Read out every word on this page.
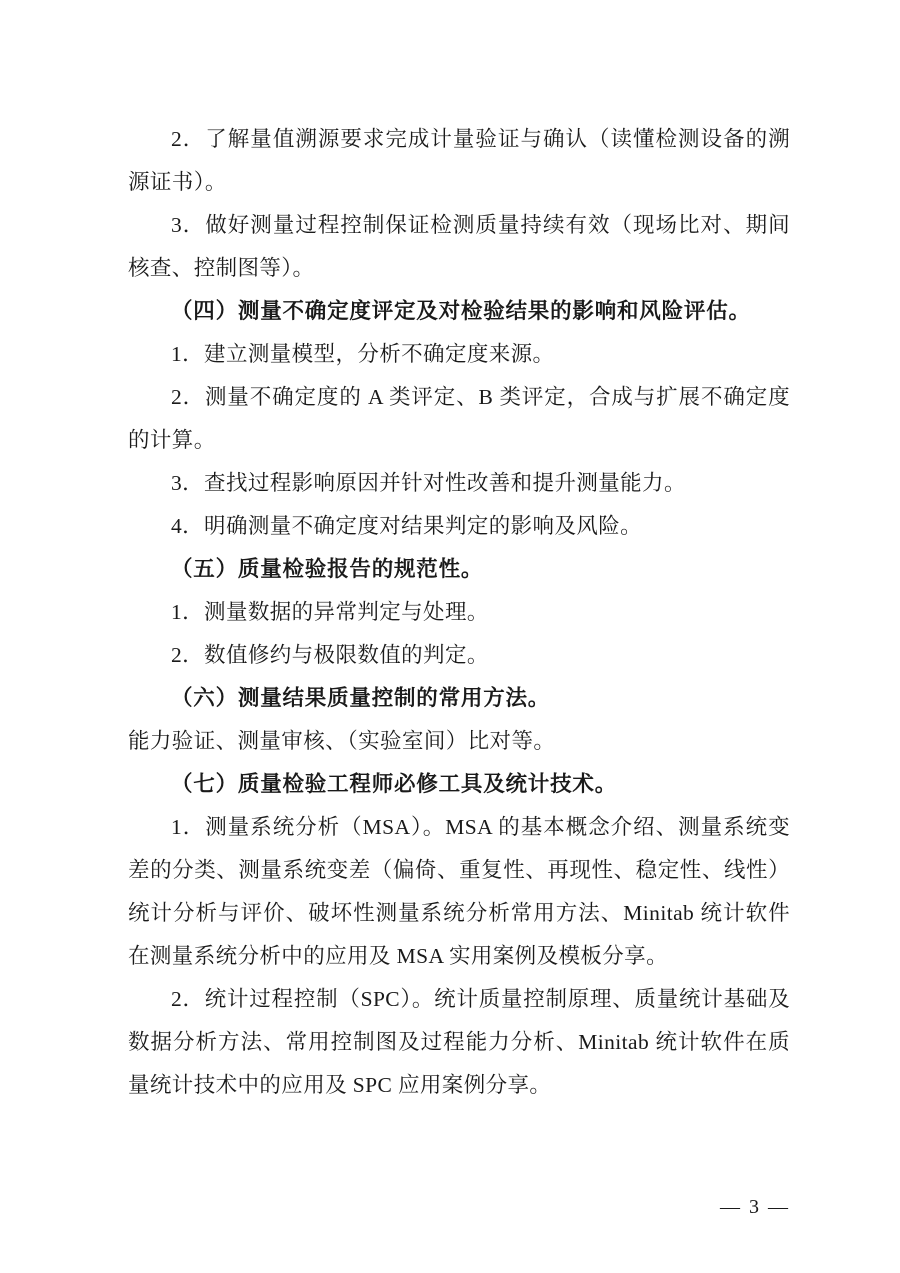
2．了解量值溯源要求完成计量验证与确认（读懂检测设备的溯源证书）。

3．做好测量过程控制保证检测质量持续有效（现场比对、期间核查、控制图等）。

（四）测量不确定度评定及对检验结果的影响和风险评估。

1．建立测量模型，分析不确定度来源。

2．测量不确定度的 A 类评定、B 类评定，合成与扩展不确定度的计算。

3．查找过程影响原因并针对性改善和提升测量能力。

4．明确测量不确定度对结果判定的影响及风险。

（五）质量检验报告的规范性。

1．测量数据的异常判定与处理。

2．数值修约与极限数值的判定。

（六）测量结果质量控制的常用方法。

能力验证、测量审核、（实验室间）比对等。

（七）质量检验工程师必修工具及统计技术。

1．测量系统分析（MSA）。MSA 的基本概念介绍、测量系统变差的分类、测量系统变差（偏倚、重复性、再现性、稳定性、线性）统计分析与评价、破坏性测量系统分析常用方法、Minitab 统计软件在测量系统分析中的应用及 MSA 实用案例及模板分享。

2．统计过程控制（SPC）。统计质量控制原理、质量统计基础及数据分析方法、常用控制图及过程能力分析、Minitab 统计软件在质量统计技术中的应用及 SPC 应用案例分享。

— 3 —
